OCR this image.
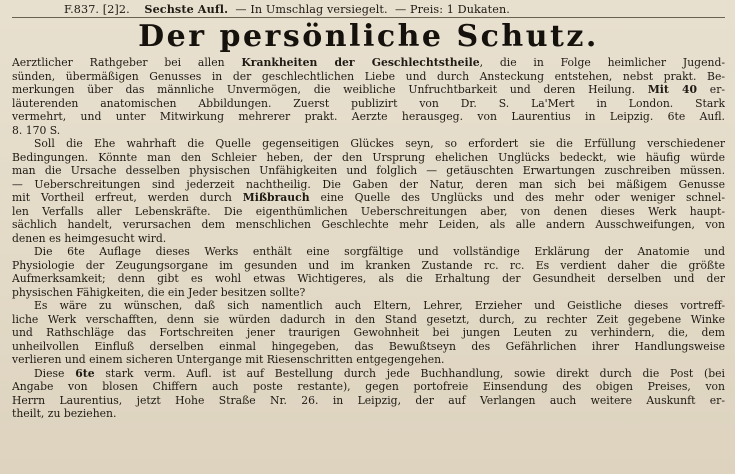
F.837. [2]2. Sechste Aufl. — In Umschlag versiegelt. — Preis: 1 Dukaten.
Der persönliche Schutz.
Aerztlicher Rathgeber bei allen Krankheiten der Geschlechtstheile, die in Folge heimlicher Jugend-
sünden, übermäßigen Genusses in der geschlechtlichen Liebe und durch Ansteckung entstehen, nebst prakt. Be-
merkungen über das männliche Unvermögen, die weibliche Unfruchtbarkeit und deren Heilung. Mit 40 er-
läuterenden anatomischen Abbildungen. Zuerst publizirt von Dr. S. La'Mert in London. Stark
vermehrt, und unter Mitwirkung mehrerer prakt. Aerzte herausgeg. von Laurentius in Leipzig. 6te Aufl.
8. 170 S.
Soll die Ehe wahrhaft die Quelle gegenseitigen Glückes seyn, so erfordert sie die Erfüllung verschiedener
Bedingungen. Könnte man den Schleier heben, der den Ursprung ehelichen Unglücks bedeckt, wie häufig würde
man die Ursache desselben physischen Unfähigkeiten und folglich — getäuschten Erwartungen zuschreiben müssen.
— Ueberschreitungen sind jederzeit nachtheilig. Die Gaben der Natur, deren man sich bei mäßigem Genusse
mit Vortheil erfreut, werden durch Mißbrauch eine Quelle des Unglücks und des mehr oder weniger schnel-
len Verfalls aller Lebenskräfte. Die eigenthümlichen Ueberschreitungen aber, von denen dieses Werk haupt-
sächlich handelt, verursachen dem menschlichen Geschlechte mehr Leiden, als alle andern Ausschweifungen, von
denen es heimgesucht wird.
Die 6te Auflage dieses Werks enthält eine sorgfältige und vollständige Erklärung der Anatomie und
Physiologie der Zeugungsorgane im gesunden und im kranken Zustande rc. rc. Es verdient daher die größte
Aufmerksamkeit; denn gibt es wohl etwas Wichtigeres, als die Erhaltung der Gesundheit derselben und der
physischen Fähigkeiten, die ein Jeder besitzen sollte?
Es wäre zu wünschen, daß sich namentlich auch Eltern, Lehrer, Erzieher und Geistliche dieses vortreff-
liche Werk verschafften, denn sie würden dadurch in den Stand gesetzt, durch, zu rechter Zeit gegebene Winke
und Rathschläge das Fortschreiten jener traurigen Gewohnheit bei jungen Leuten zu verhindern, die, dem
unheilvollen Einfluß derselben einmal hingegeben, das Bewußtseyn des Gefährlichen ihrer Handlungsweise
verlieren und einem sicheren Untergange mit Riesenschritten entgegengehen.
Diese 6te stark verm. Aufl. ist auf Bestellung durch jede Buchhandlung, sowie direkt durch die Post (bei
Angabe von blosen Chiffern auch poste restante), gegen portofreie Einsendung des obigen Preises, von
Herrn Laurentius, jetzt Hohe Straße Nr. 26. in Leipzig, der auf Verlangen auch weitere Auskunft er-
theilt, zu beziehen.
